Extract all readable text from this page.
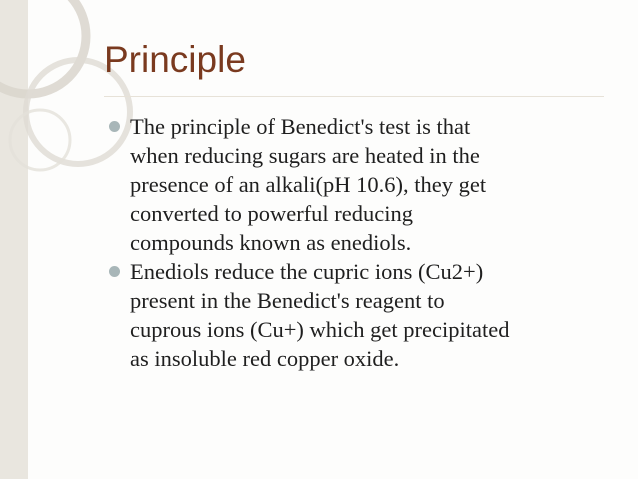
Principle
The principle of Benedict's test is that
when reducing sugars are heated in the
presence of an alkali(pH 10.6), they get
converted to powerful reducing
compounds known as enediols.
Enediols reduce the cupric ions (Cu2+)
present in the Benedict's reagent to
cuprous ions (Cu+) which get precipitated
as insoluble red copper oxide.
